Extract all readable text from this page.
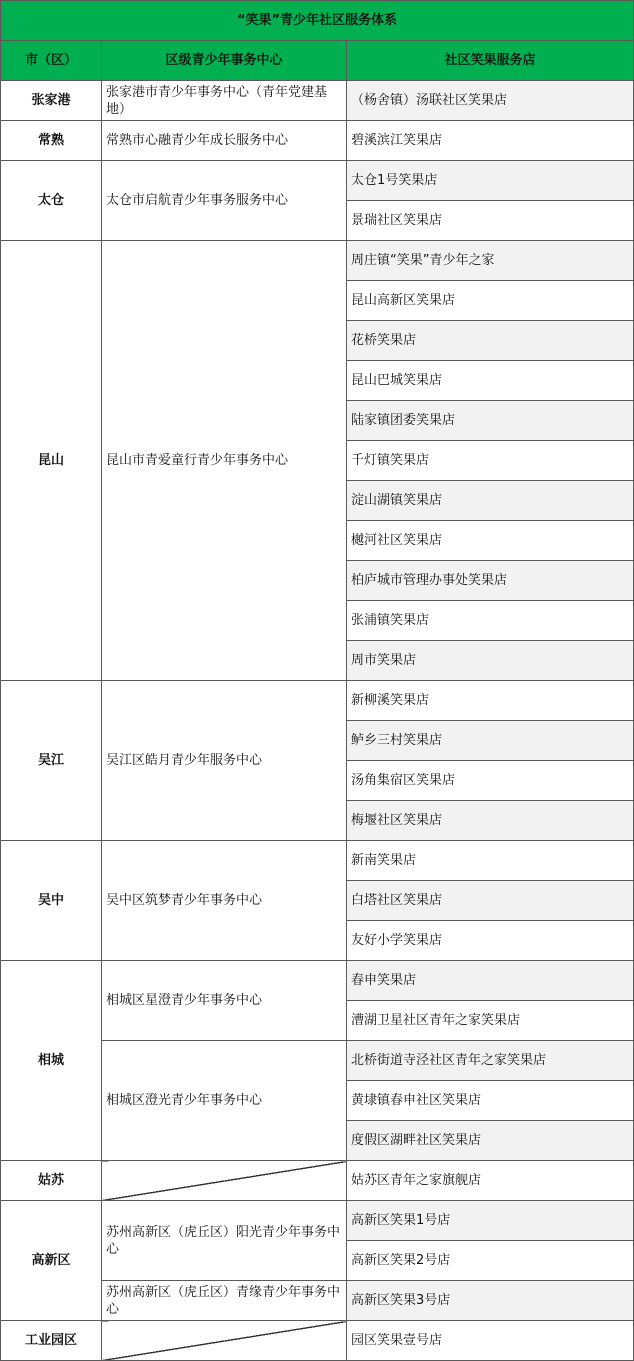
“笑果”青少年社区服务体系		
市（区）	区级青少年事务中心	社区笑果服务店
张家港	张家港市青少年事务中心（青年党建基地）	（杨舍镇）汤联社区笑果店
常熟	常熟市心融青少年成长服务中心	碧溪滨江笑果店
太仓	太仓市启航青少年事务服务中心	太仓1号笑果店
		景瑞社区笑果店
昆山	昆山市青爱童行青少年事务中心	周庄镇“笑果”青少年之家
		昆山高新区笑果店
		花桥笑果店
		昆山巴城笑果店
		陆家镇团委笑果店
		千灯镇笑果店
		淀山湖镇笑果店
		樾河社区笑果店
		柏庐城市管理办事处笑果店
		张浦镇笑果店
		周市笑果店
吴江	吴江区皓月青少年服务中心	新柳溪笑果店
		鲈乡三村笑果店
		汤角集宿区笑果店
		梅堰社区笑果店
吴中	吴中区筑梦青少年事务中心	新南笑果店
		白塔社区笑果店
		友好小学笑果店
相城	相城区星澄青少年事务中心	春申笑果店
		漕湖卫星社区青年之家笑果店
	相城区澄光青少年事务中心	北桥街道寺泾社区青年之家笑果店
		黄埭镇春申社区笑果店
		度假区湖畔社区笑果店
姑苏		姑苏区青年之家旗舰店
高新区	苏州高新区（虎丘区）阳光青少年事务中心	高新区笑果1号店
		高新区笑果2号店
	苏州高新区（虎丘区）青缘青少年事务中心	高新区笑果3号店
工业园区		园区笑果壹号店
